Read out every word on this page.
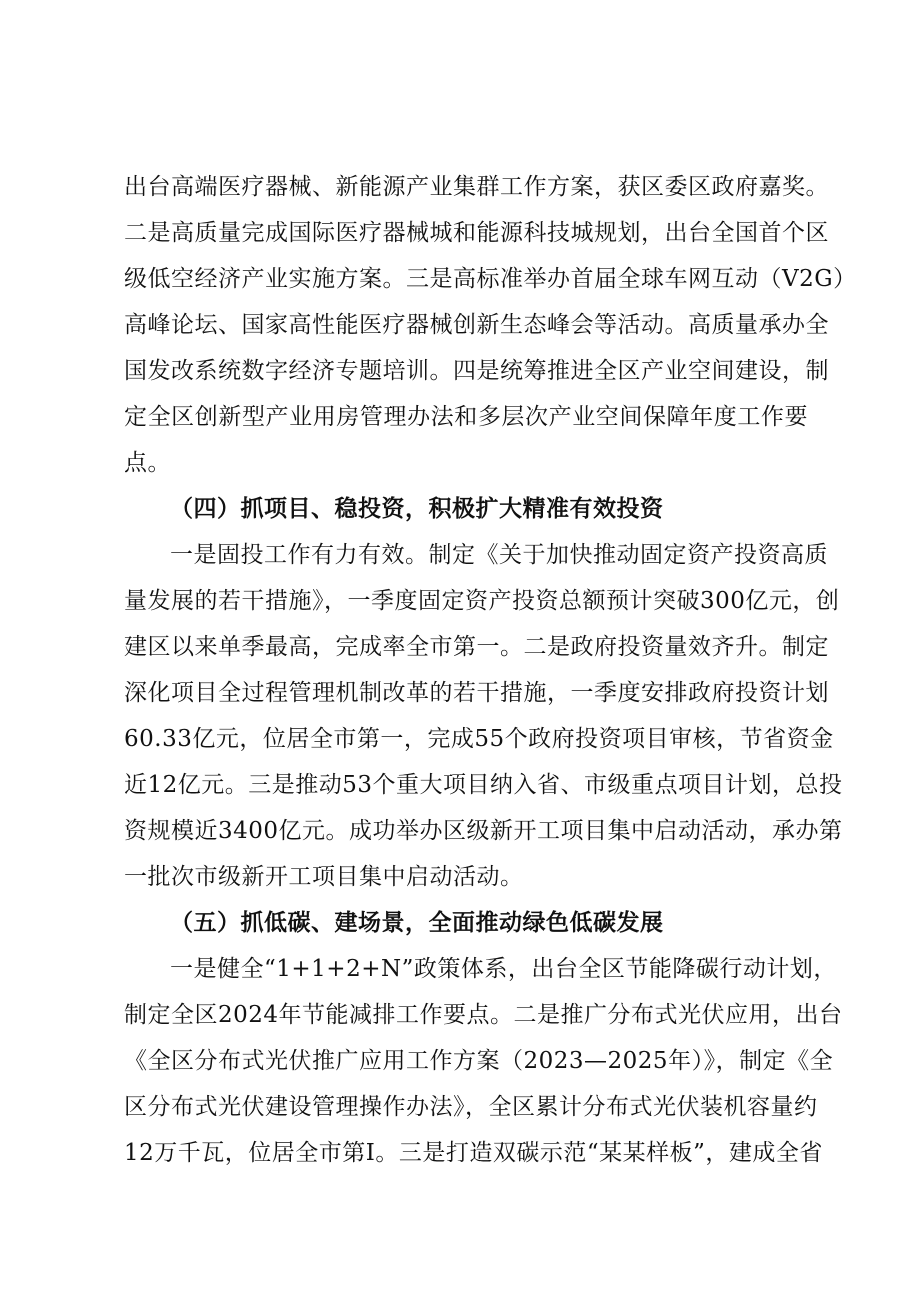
出台高端医疗器械、新能源产业集群工作方案，获区委区政府嘉奖。
二是高质量完成国际医疗器械城和能源科技城规划，出台全国首个区
级低空经济产业实施方案。三是高标准举办首届全球车网互动（V2G）
高峰论坛、国家高性能医疗器械创新生态峰会等活动。高质量承办全
国发改系统数字经济专题培训。四是统筹推进全区产业空间建设，制
定全区创新型产业用房管理办法和多层次产业空间保障年度工作要
点。
（四）抓项目、稳投资，积极扩大精准有效投资
一是固投工作有力有效。制定《关于加快推动固定资产投资高质
量发展的若干措施》，一季度固定资产投资总额预计突破300亿元，创
建区以来单季最高，完成率全市第一。二是政府投资量效齐升。制定
深化项目全过程管理机制改革的若干措施，一季度安排政府投资计划
60.33亿元，位居全市第一，完成55个政府投资项目审核，节省资金
近12亿元。三是推动53个重大项目纳入省、市级重点项目计划，总投
资规模近3400亿元。成功举办区级新开工项目集中启动活动，承办第
一批次市级新开工项目集中启动活动。
（五）抓低碳、建场景，全面推动绿色低碳发展
一是健全“1+1+2+N”政策体系，出台全区节能降碳行动计划，
制定全区2024年节能减排工作要点。二是推广分布式光伏应用，出台
《全区分布式光伏推广应用工作方案（2023—2025年）》，制定《全
区分布式光伏建设管理操作办法》，全区累计分布式光伏装机容量约
12万千瓦，位居全市第I。三是打造双碳示范“某某样板”，建成全省
